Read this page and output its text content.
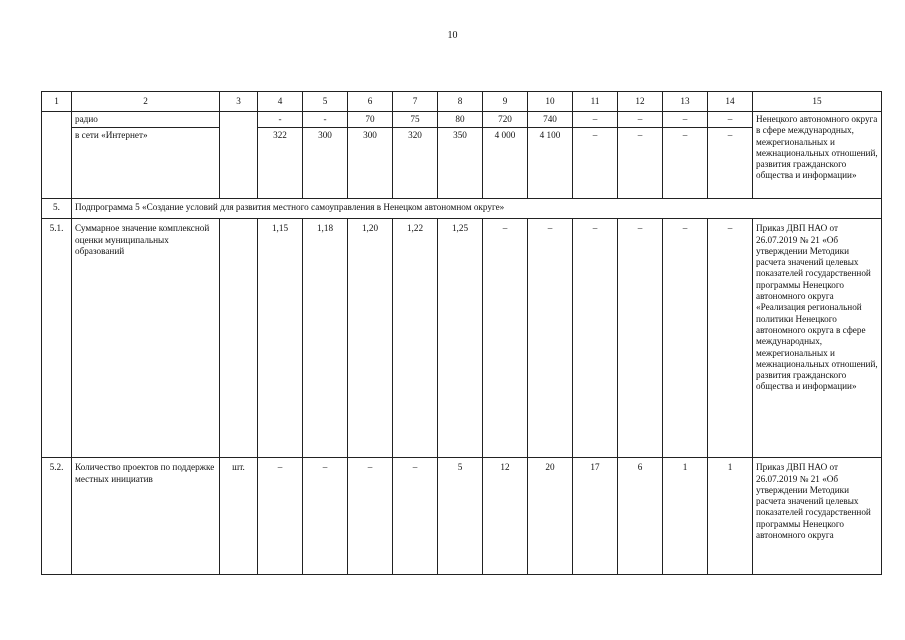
10
1	2	3	4	5	6	7	8	9	10	11	12	13	14	15
	радио		-	-	70	75	80	720	740	–	–	–	–	Ненецкого автономного округа в сфере международных, межрегиональных и межнациональных отношений, развития гражданского общества и информации»
	в сети «Интернет»		322	300	300	320	350	4 000	4 100	–	–	–	–	
5.	Подпрограмма 5 «Создание условий для развития местного самоуправления в Ненецком автономном округе»													
5.1.	Суммарное значение комплексной оценки муниципальных образований		1,15	1,18	1,20	1,22	1,25	–	–	–	–	–	–	Приказ ДВП НАО от 26.07.2019 № 21 «Об утверждении Методики расчета значений целевых показателей государственной программы Ненецкого автономного округа «Реализация региональной политики Ненецкого автономного округа в сфере международных, межрегиональных и межнациональных отношений, развития гражданского общества и информации»
5.2.	Количество проектов по поддержке местных инициатив	шт.	–	–	–	–	5	12	20	17	6	1	1	Приказ ДВП НАО от 26.07.2019 № 21 «Об утверждении Методики расчета значений целевых показателей государственной программы Ненецкого автономного округа
